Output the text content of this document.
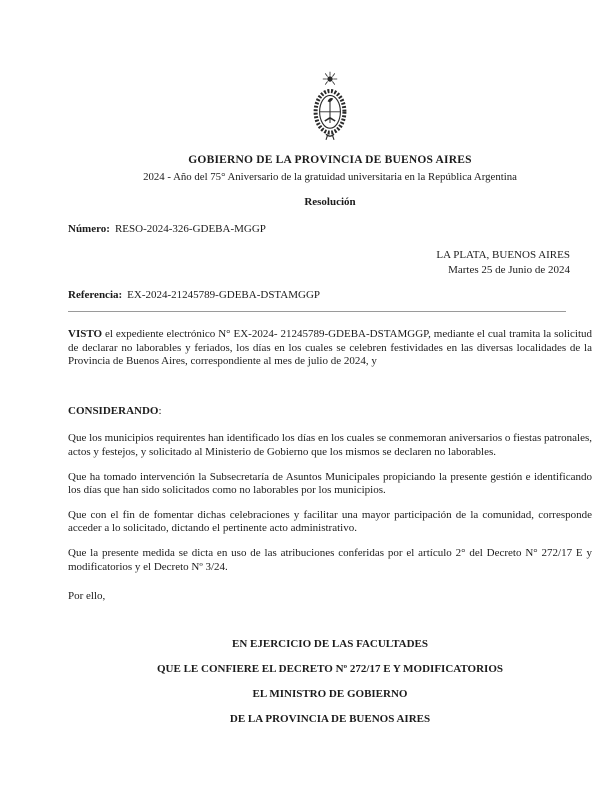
GOBIERNO DE LA PROVINCIA DE BUENOS AIRES
2024 - Año del 75° Aniversario de la gratuidad universitaria en la República Argentina
Resolución
Número: RESO-2024-326-GDEBA-MGGP
LA PLATA, BUENOS AIRES
Martes 25 de Junio de 2024
Referencia: EX-2024-21245789-GDEBA-DSTAMGGP

VISTO el expediente electrónico N° EX-2024- 21245789-GDEBA-DSTAMGGP, mediante el cual tramita la solicitud de declarar no laborables y feriados, los días en los cuales se celebren festividades en las diversas localidades de la Provincia de Buenos Aires, correspondiente al mes de julio de 2024, y

CONSIDERANDO:

Que los municipios requirentes han identificado los días en los cuales se conmemoran aniversarios o fiestas patronales, actos y festejos, y solicitado al Ministerio de Gobierno que los mismos se declaren no laborables.

Que ha tomado intervención la Subsecretaría de Asuntos Municipales propiciando la presente gestión e identificando los días que han sido solicitados como no laborables por los municipios.

Que con el fin de fomentar dichas celebraciones y facilitar una mayor participación de la comunidad, corresponde acceder a lo solicitado, dictando el pertinente acto administrativo.

Que la presente medida se dicta en uso de las atribuciones conferidas por el artículo 2° del Decreto N° 272/17 E y modificatorios y el Decreto Nº 3/24.

Por ello,

EN EJERCICIO DE LAS FACULTADES
QUE LE CONFIERE EL DECRETO Nº 272/17 E Y MODIFICATORIOS
EL MINISTRO DE GOBIERNO
DE LA PROVINCIA DE BUENOS AIRES
